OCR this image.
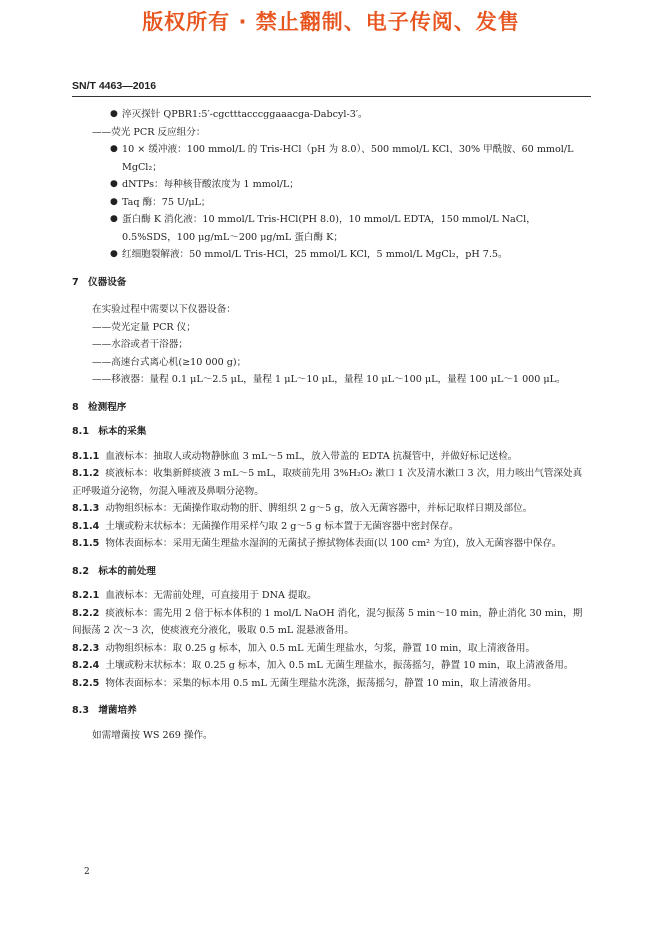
版权所有 · 禁止翻制、电子传阅、发售
SN/T 4463—2016
● 淬灭探针 QPBR1:5′-cgctttacccggaaacga-Dabcyl-3′。
——荧光 PCR 反应组分：
● 10 × 缓冲液：100 mmol/L 的 Tris-HCl（pH 为 8.0）、500 mmol/L KCl、30% 甲酰胺、60 mmol/L MgCl₂；
● dNTPs：每种核苷酸浓度为 1 mmol/L；
● Taq 酶：75 U/μL；
● 蛋白酶 K 消化液：10 mmol/L Tris-HCl(PH 8.0)，10 mmol/L EDTA，150 mmol/L NaCl，0.5%SDS，100 μg/mL～200 μg/mL 蛋白酶 K；
● 红细胞裂解液：50 mmol/L Tris-HCl，25 mmol/L KCl，5 mmol/L MgCl₂，pH 7.5。
7 仪器设备
在实验过程中需要以下仪器设备：
——荧光定量 PCR 仪；
——水浴或者干浴器；
——高速台式离心机(≥10 000 g)；
——移液器：量程 0.1 μL～2.5 μL，量程 1 μL～10 μL，量程 10 μL～100 μL，量程 100 μL～1 000 μL。
8 检测程序
8.1 标本的采集
8.1.1 血液标本：抽取人或动物静脉血 3 mL～5 mL，放入带盖的 EDTA 抗凝管中，并做好标记送检。
8.1.2 痰液标本：收集新鲜痰液 3 mL～5 mL，取痰前先用 3%H₂O₂ 漱口 1 次及清水漱口 3 次，用力咳出气管深处真正呼吸道分泌物，勿混入唾液及鼻咽分泌物。
8.1.3 动物组织标本：无菌操作取动物的肝、脾组织 2 g～5 g，放入无菌容器中，并标记取样日期及部位。
8.1.4 土壤或粉末状标本：无菌操作用采样勺取 2 g～5 g 标本置于无菌容器中密封保存。
8.1.5 物体表面标本：采用无菌生理盐水湿润的无菌拭子擦拭物体表面(以 100 cm² 为宜)，放入无菌容器中保存。
8.2 标本的前处理
8.2.1 血液标本：无需前处理，可直接用于 DNA 提取。
8.2.2 痰液标本：需先用 2 倍于标本体积的 1 mol/L NaOH 消化，混匀振荡 5 min～10 min，静止消化 30 min，期间振荡 2 次～3 次，使痰液充分液化，吸取 0.5 mL 混悬液备用。
8.2.3 动物组织标本：取 0.25 g 标本，加入 0.5 mL 无菌生理盐水，匀浆，静置 10 min，取上清液备用。
8.2.4 土壤或粉末状标本：取 0.25 g 标本，加入 0.5 mL 无菌生理盐水，振荡摇匀，静置 10 min，取上清液备用。
8.2.5 物体表面标本：采集的标本用 0.5 mL 无菌生理盐水洗涤，振荡摇匀，静置 10 min，取上清液备用。
8.3 增菌培养
如需增菌按 WS 269 操作。
2
